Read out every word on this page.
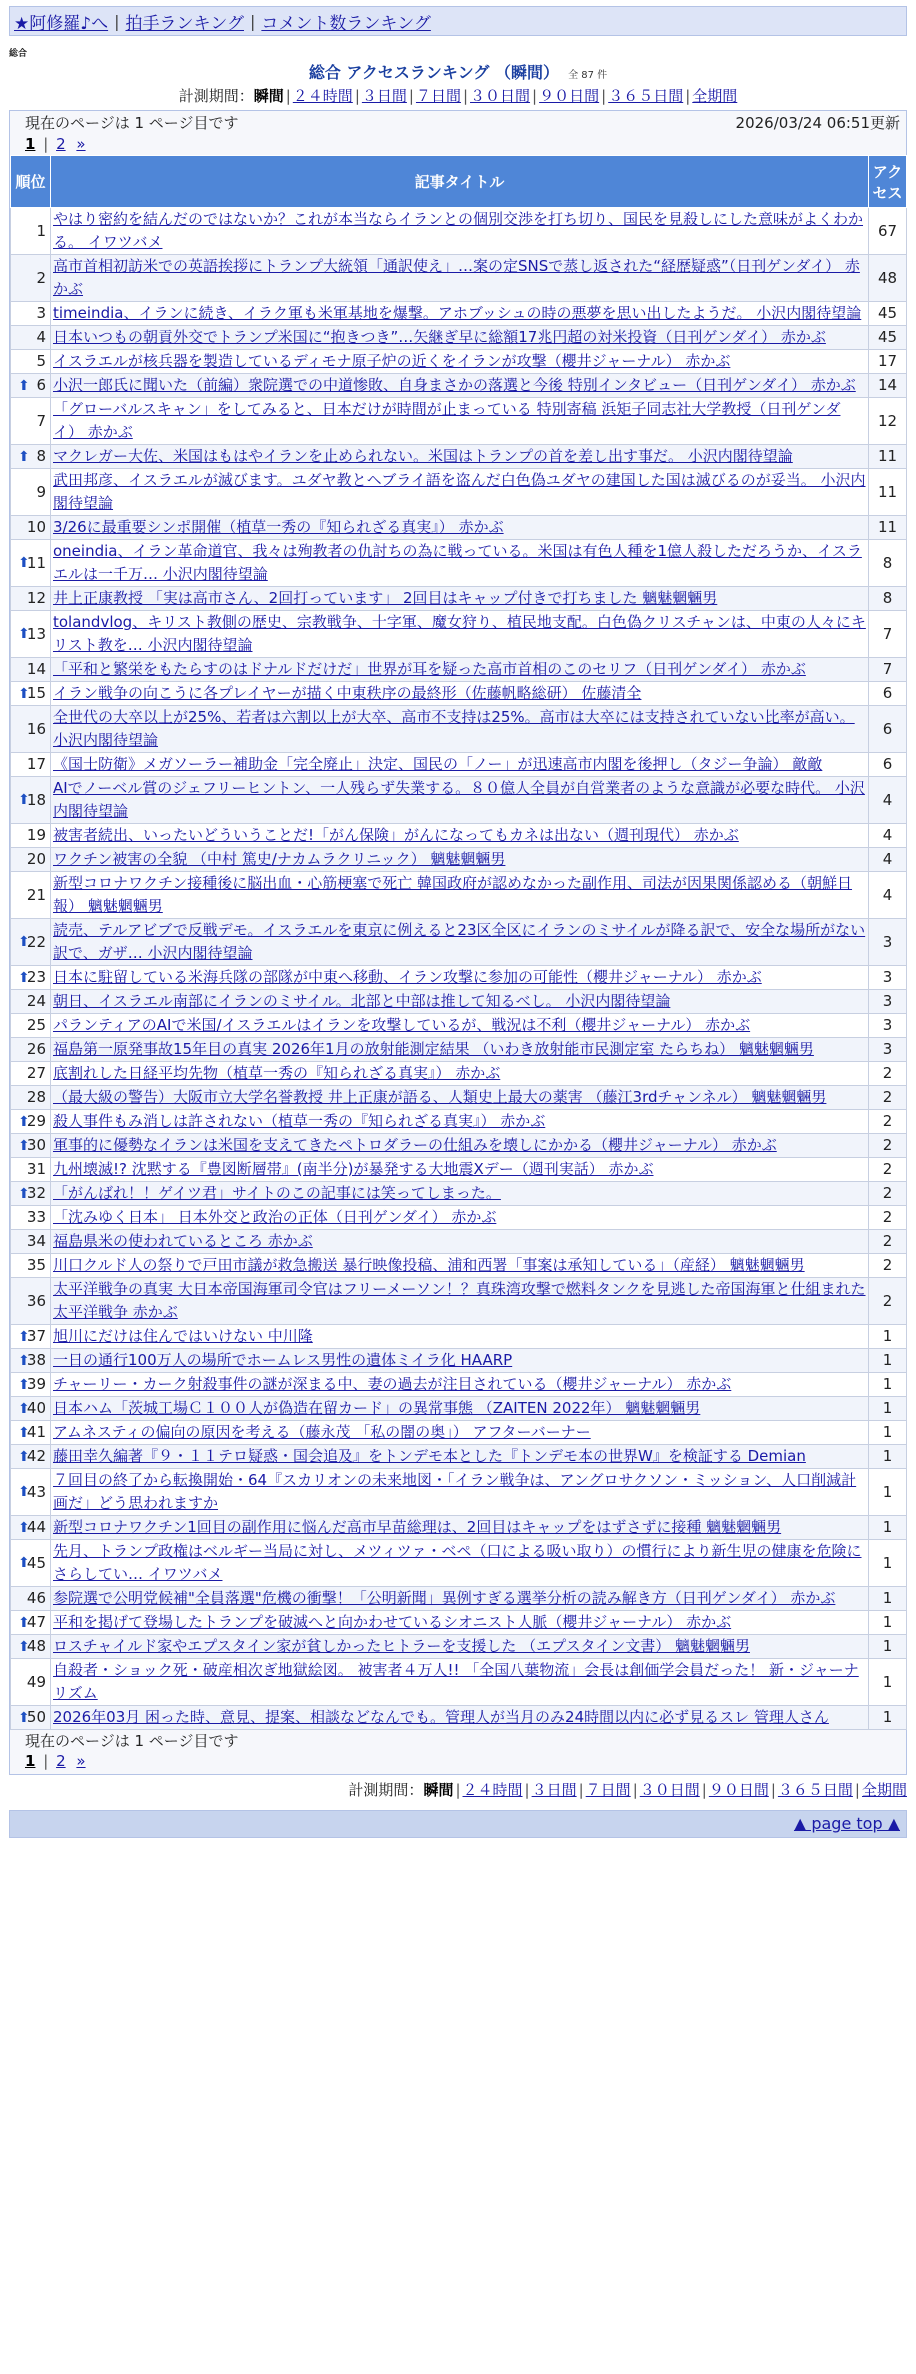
★阿修羅♪へ | 拍手ランキング | コメント数ランキング
総合
総合 アクセスランキング （瞬間） 全 87 件
計測期間：瞬間 | ２４時間 | ３日間 | ７日間 | ３０日間 | ９０日間 | ３６５日間 | 全期間
現在のページは 1 ページ目です	2026/03/24 06:51更新
1 | 2 »
順位	記事タイトル	アクセス
1	やはり密約を結んだのではないか？これが本当ならイランとの個別交渉を打ち切り、国民を見殺しにした意味がよくわかる。 イワツバメ	67
2	高市首相初訪米での英語挨拶にトランプ大統領「通訳使え」…案の定SNSで蒸し返された“経歴疑惑”（日刊ゲンダイ） 赤かぶ	48
3	timeindia、イランに続き、イラク軍も米軍基地を爆撃。アホブッシュの時の悪夢を思い出したようだ。 小沢内閣待望論	45
4	日本いつもの朝貢外交でトランプ米国に“抱きつき”…矢継ぎ早に総額17兆円超の対米投資（日刊ゲンダイ） 赤かぶ	45
5	イスラエルが核兵器を製造しているディモナ原子炉の近くをイランが攻撃（櫻井ジャーナル） 赤かぶ	17

⬆ 6	小沢一郎氏に聞いた（前編）衆院選での中道惨敗、自身まさかの落選と今後 特別インタビュー（日刊ゲンダイ） 赤かぶ	14
7	「グローバルスキャン」をしてみると、日本だけが時間が止まっている 特別寄稿 浜矩子同志社大学教授（日刊ゲンダイ） 赤かぶ	12

⬆ 8	マクレガー大佐、米国はもはやイランを止められない。米国はトランプの首を差し出す事だ。 小沢内閣待望論	11
9	武田邦彦、イスラエルが滅びます。ユダヤ教とヘブライ語を盗んだ白色偽ユダヤの建国した国は滅びるのが妥当。 小沢内閣待望論	11
10	3/26に最重要シンポ開催（植草一秀の『知られざる真実』） 赤かぶ	11

⬆
11	oneindia、イラン革命道官、我々は殉教者の仇討ちの為に戦っている。米国は有色人種を1億人殺しただろうか、イスラエルは一千万… 小沢内閣待望論	8
12	井上正康教授 「実は高市さん、2回打っています」 2回目はキャップ付きで打ちました 魑魅魍魎男	8

⬆
13	tolandvlog、キリスト教側の歴史、宗教戦争、十字軍、魔女狩り、植民地支配。白色偽クリスチャンは、中東の人々にキリスト教を… 小沢内閣待望論	7
14	「平和と繁栄をもたらすのはドナルドだけだ」世界が耳を疑った高市首相のこのセリフ（日刊ゲンダイ） 赤かぶ	7

⬆
15	イラン戦争の向こうに各プレイヤーが描く中東秩序の最終形（佐藤帆略総研） 佐藤清全	6
16	全世代の大卒以上が25%、若者は六割以上が大卒、高市不支持は25%。高市は大卒には支持されていない比率が高い。 小沢内閣待望論	6
17	《国士防衛》メガソーラー補助金「完全廃止」決定、国民の「ノー」が迅速高市内閣を後押し（タジー争論） 敵敵	6

⬆
18	AIでノーベル賞のジェフリーヒントン、一人残らず失業する。８０億人全員が自営業者のような意識が必要な時代。 小沢内閣待望論	4
19	被害者続出、いったいどういうことだ!「がん保険」がんになってもカネは出ない（週刊現代） 赤かぶ	4
20	ワクチン被害の全貌 （中村 篤史/ナカムラクリニック） 魑魅魍魎男	4
21	新型コロナワクチン接種後に脳出血・心筋梗塞で死亡 韓国政府が認めなかった副作用、司法が因果関係認める（朝鮮日報） 魑魅魍魎男	4

⬆
22	読売、テルアビブで反戦デモ。イスラエルを東京に例えると23区全区にイランのミサイルが降る訳で、安全な場所がない訳で、ガザ… 小沢内閣待望論	3

⬆
23	日本に駐留している米海兵隊の部隊が中東へ移動、イラン攻撃に参加の可能性（櫻井ジャーナル） 赤かぶ	3
24	朝日、イスラエル南部にイランのミサイル。北部と中部は推して知るべし。 小沢内閣待望論	3
25	パランティアのAIで米国/イスラエルはイランを攻撃しているが、戦況は不利（櫻井ジャーナル） 赤かぶ	3
26	福島第一原発事故15年目の真実 2026年1月の放射能測定結果 （いわき放射能市民測定室 たらちね） 魑魅魍魎男	3
27	底割れした日経平均先物（植草一秀の『知られざる真実』） 赤かぶ	2
28	（最大級の警告）大阪市立大学名誉教授 井上正康が語る、人類史上最大の薬害 （藤江3rdチャンネル） 魑魅魍魎男	2

⬆
29	殺人事件もみ消しは許されない（植草一秀の『知られざる真実』） 赤かぶ	2

⬆
30	軍事的に優勢なイランは米国を支えてきたペトロダラーの仕組みを壊しにかかる（櫻井ジャーナル） 赤かぶ	2
31	九州壊滅!? 沈黙する『豊図断層帯』(南半分)が暴発する大地震Xデー（週刊実話） 赤かぶ	2

⬆
32	「がんばれ！！ゲイツ君」サイトのこの記事には笑ってしまった。	2
33	「沈みゆく日本」 日本外交と政治の正体（日刊ゲンダイ） 赤かぶ	2
34	福島県米の使われているところ 赤かぶ	2
35	川口クルド人の祭りで戸田市議が救急搬送 暴行映像投稿、浦和西署「事案は承知している」（産経） 魑魅魍魎男	2
36	太平洋戦争の真実 大日本帝国海軍司令官はフリーメーソン！？真珠湾攻撃で燃料タンクを見逃した帝国海軍と仕組まれた太平洋戦争 赤かぶ	2

⬆
37	旭川にだけは住んではいけない 中川隆	1

⬆
38	一日の通行100万人の場所でホームレス男性の遺体ミイラ化 HAARP	1

⬆
39	チャーリー・カーク射殺事件の謎が深まる中、妻の過去が注目されている（櫻井ジャーナル） 赤かぶ	1

⬆
40	日本ハム「茨城工場Ｃ１００人が偽造在留カード」の異常事態 （ZAITEN 2022年） 魑魅魍魎男	1

⬆
41	アムネスティの偏向の原因を考える（藤永茂 「私の闇の奥」） アフターバーナー	1

⬆
42	藤田幸久編著『９・１１テロ疑惑・国会追及』をトンデモ本とした『トンデモ本の世界W』を検証する Demian	1

⬆
43	７回目の終了から転換開始・64『スカリオンの未来地図・「イラン戦争は、アングロサクソン・ミッション、人口削減計画だ」どう思われますか	1

⬆
44	新型コロナワクチン1回目の副作用に悩んだ高市早苗総理は、2回目はキャップをはずさずに接種 魑魅魍魎男	1

⬆
45	先月、トランプ政権はベルギー当局に対し、メツィツァ・ベペ（口による吸い取り）の慣行により新生児の健康を危険にさらしてい… イワツバメ	1
46	参院選で公明党候補"全員落選"危機の衝撃！「公明新聞」異例すぎる選挙分析の読み解き方（日刊ゲンダイ） 赤かぶ	1

⬆
47	平和を掲げて登場したトランプを破滅へと向かわせているシオニスト人脈（櫻井ジャーナル） 赤かぶ	1

⬆
48	ロスチャイルド家やエプスタイン家が貧しかったヒトラーを支援した （エプスタイン文書） 魑魅魍魎男	1
49	自殺者・ショック死・破産相次ぎ地獄絵図。 被害者４万人!! 「全国八葉物流」会長は創価学会員だった！ 新・ジャーナリズム	1

⬆
50	2026年03月 困った時、意見、提案、相談などなんでも。管理人が当月のみ24時間以内に必ず見るスレ 管理人さん	1
現在のページは 1 ページ目です
1 | 2 »
計測期間：瞬間 | ２４時間 | ３日間 | ７日間 | ３０日間 | ９０日間 | ３６５日間 | 全期間
▲ page top ▲
